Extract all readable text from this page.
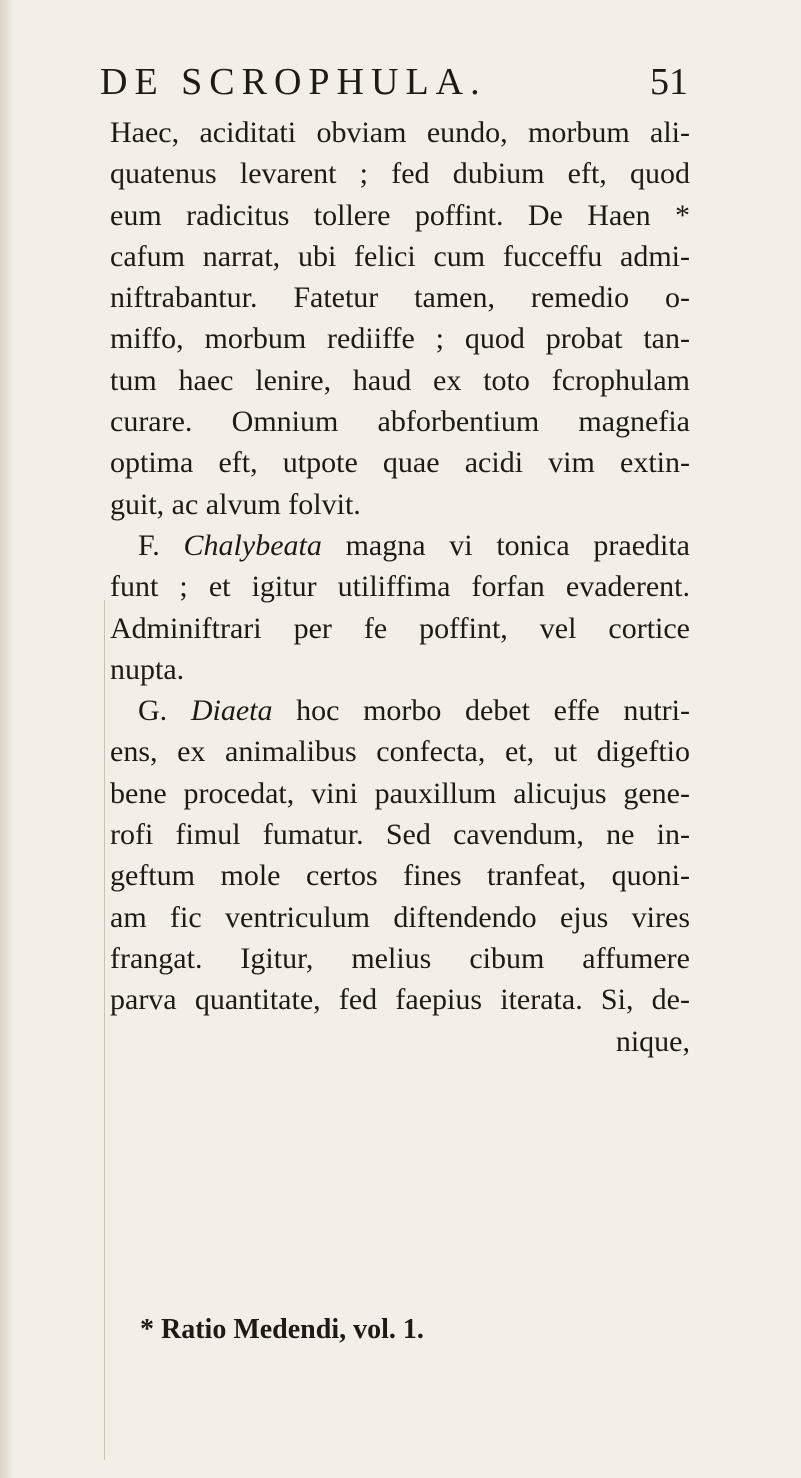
DE SCROPHULA.	51
Haec, aciditati obviam eundo, morbum ali-
quatenus levarent ; fed dubium eft, quod
eum radicitus tollere poffint. De Haen *
cafum narrat, ubi felici cum fucceffu admi-
niftrabantur. Fatetur tamen, remedio o-
miffo, morbum rediiffe ; quod probat tan-
tum haec lenire, haud ex toto fcrophulam
curare. Omnium abforbentium magnefia
optima eft, utpote quae acidi vim extin-
guit, ac alvum folvit.
F. Chalybeata magna vi tonica praedita
funt ; et igitur utiliffima forfan evaderent.
Adminiftrari per fe poffint, vel cortice
nupta.
G. Diaeta hoc morbo debet effe nutri-
ens, ex animalibus confecta, et, ut digeftio
bene procedat, vini pauxillum alicujus gene-
rofi fimul fumatur. Sed cavendum, ne in-
geftum mole certos fines tranfeat, quoni-
am fic ventriculum diftendendo ejus vires
frangat. Igitur, melius cibum affumere
parva quantitate, fed faepius iterata. Si, de-
nique,
* Ratio Medendi, vol. 1.
